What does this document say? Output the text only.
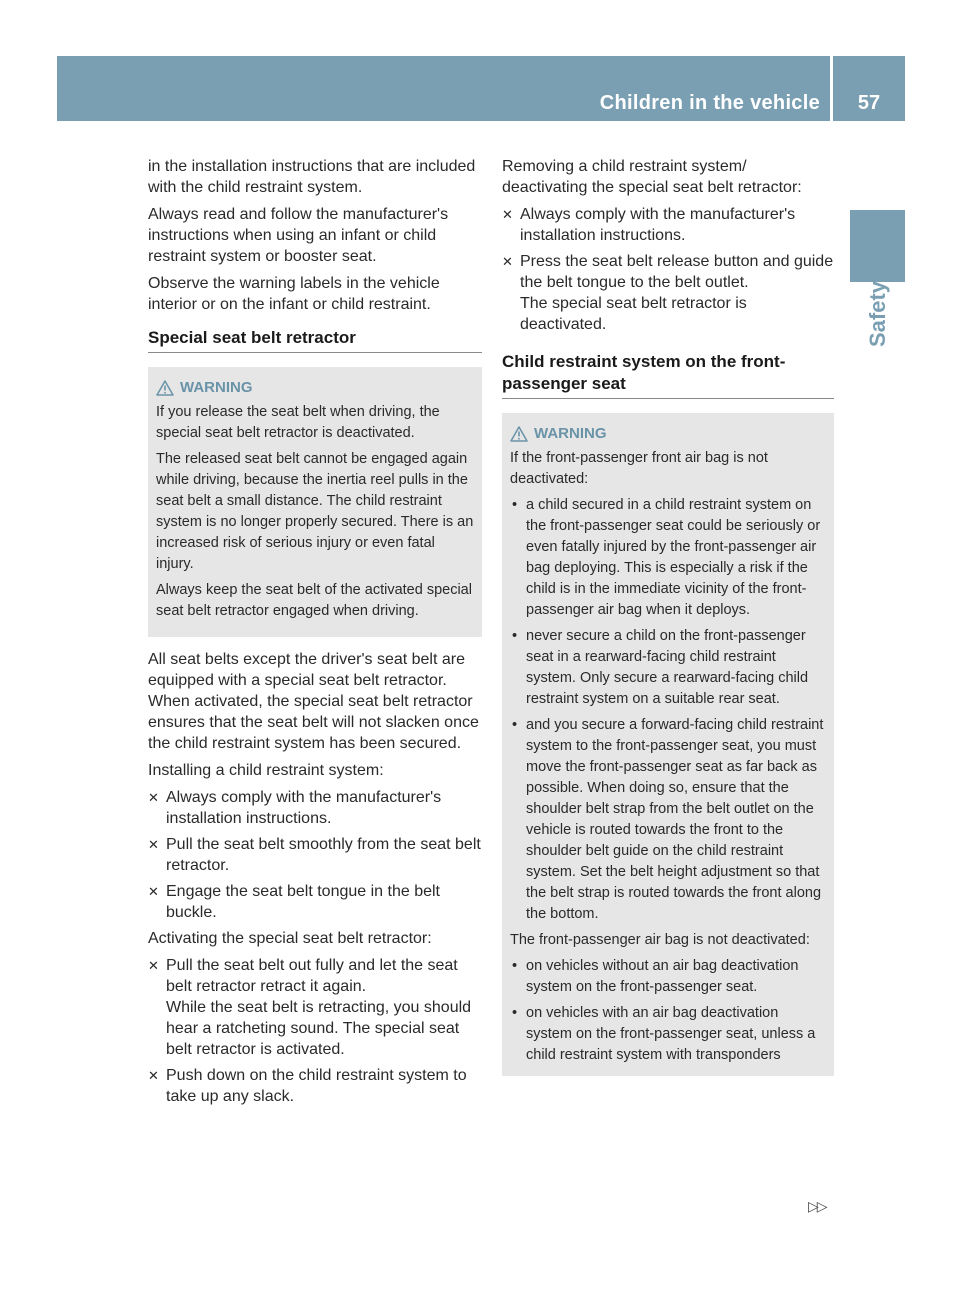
Children in the vehicle	57
Safety

in the installation instructions that are included with the child restraint system.

Always read and follow the manufacturer's instructions when using an infant or child restraint system or booster seat.

Observe the warning labels in the vehicle interior or on the infant or child restraint.

Special seat belt retractor
WARNING

If you release the seat belt when driving, the special seat belt retractor is deactivated.

The released seat belt cannot be engaged again while driving, because the inertia reel pulls in the seat belt a small distance. The child restraint system is no longer properly secured. There is an increased risk of serious injury or even fatal injury.

Always keep the seat belt of the activated special seat belt retractor engaged when driving.

All seat belts except the driver's seat belt are equipped with a special seat belt retractor. When activated, the special seat belt retractor ensures that the seat belt will not slacken once the child restraint system has been secured.

Installing a child restraint system:

✕ Always comply with the manufacturer's installation instructions.
✕ Pull the seat belt smoothly from the seat belt retractor.
✕ Engage the seat belt tongue in the belt buckle.

Activating the special seat belt retractor:

✕ Pull the seat belt out fully and let the seat belt retractor retract it again.
While the seat belt is retracting, you should hear a ratcheting sound. The special seat belt retractor is activated.
✕ Push down on the child restraint system to take up any slack.

Removing a child restraint system/ deactivating the special seat belt retractor:

✕ Always comply with the manufacturer's installation instructions.
✕ Press the seat belt release button and guide the belt tongue to the belt outlet.
The special seat belt retractor is deactivated.
Child restraint system on the front-passenger seat
WARNING

If the front-passenger front air bag is not deactivated:

• a child secured in a child restraint system on the front-passenger seat could be seriously or even fatally injured by the front-passenger air bag deploying. This is especially a risk if the child is in the immediate vicinity of the front-passenger air bag when it deploys.
• never secure a child on the front-passenger seat in a rearward-facing child restraint system. Only secure a rearward-facing child restraint system on a suitable rear seat.
• and you secure a forward-facing child restraint system to the front-passenger seat, you must move the front-passenger seat as far back as possible. When doing so, ensure that the shoulder belt strap from the belt outlet on the vehicle is routed towards the front to the shoulder belt guide on the child restraint system. Set the belt height adjustment so that the belt strap is routed towards the front along the bottom.

The front-passenger air bag is not deactivated:

• on vehicles without an air bag deactivation system on the front-passenger seat.
• on vehicles with an air bag deactivation system on the front-passenger seat, unless a child restraint system with transponders
▷▷
